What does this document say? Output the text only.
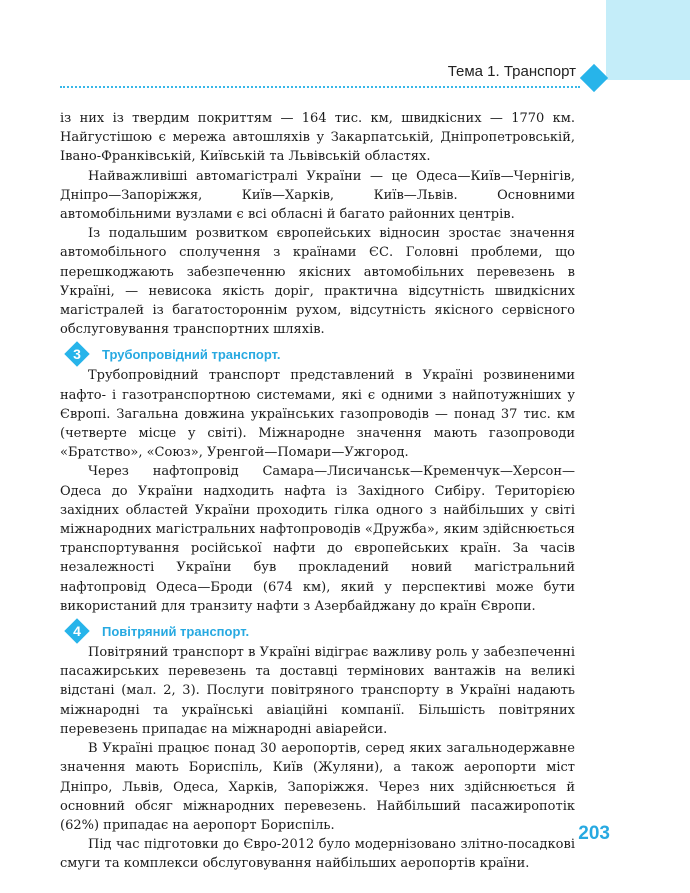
Тема 1. Транспорт

із них із твердим покриттям — 164 тис. км, швидкісних — 1770 км. Найгустішою є мережа автошляхів у Закарпатській, Дніпропетровській, Івано-Франківській, Київській та Львівській областях.

Найважливіші автомагістралі України — це Одеса—Київ—Чернігів, Дніпро—Запоріжжя, Київ—Харків, Київ—Львів. Основними автомобільними вузлами є всі обласні й багато районних центрів.

Із подальшим розвитком європейських відносин зростає значення автомобільного сполучення з країнами ЄС. Головні проблеми, що перешкоджають забезпеченню якісних автомобільних перевезень в Україні, — невисока якість доріг, практична відсутність швидкісних магістралей із багатостороннім рухом, відсутність якісного сервісного обслуговування транспортних шляхів.

3	Трубопровідний транспорт.

Трубопровідний транспорт представлений в Україні розвиненими нафто- і газотранспортною системами, які є одними з найпотужніших у Європі. Загальна довжина українських газопроводів — понад 37 тис. км (четверте місце у світі). Міжнародне значення мають газопроводи «Братство», «Союз», Уренгой—Помари—Ужгород.

Через нафтопровід Самара—Лисичанськ—Кременчук—Херсон—Одеса до України надходить нафта із Західного Сибіру. Територією західних областей України проходить гілка одного з найбільших у світі міжнародних магістральних нафтопроводів «Дружба», яким здійснюється транспортування російської нафти до європейських країн. За часів незалежності України був прокладений новий магістральний нафтопровід Одеса—Броди (674 км), який у перспективі може бути використаний для транзиту нафти з Азербайджану до країн Європи.

4	Повітряний транспорт.

Повітряний транспорт в Україні відіграє важливу роль у забезпеченні пасажирських перевезень та доставці термінових вантажів на великі відстані (мал. 2, 3). Послуги повітряного транспорту в Україні надають міжнародні та українські авіаційні компанії. Більшість повітряних перевезень припадає на міжнародні авіарейси.

В Україні працює понад 30 аеропортів, серед яких загальнодержавне значення мають Бориспіль, Київ (Жуляни), а також аеропорти міст Дніпро, Львів, Одеса, Харків, Запоріжжя. Через них здійснюється й основний обсяг міжнародних перевезень. Найбільший пасажиропотік (62%) припадає на аеропорт Бориспіль.

Під час підготовки до Євро-2012 було модернізовано злітно-посадкові смуги та комплекси обслуговування найбільших аеропортів країни.

203
